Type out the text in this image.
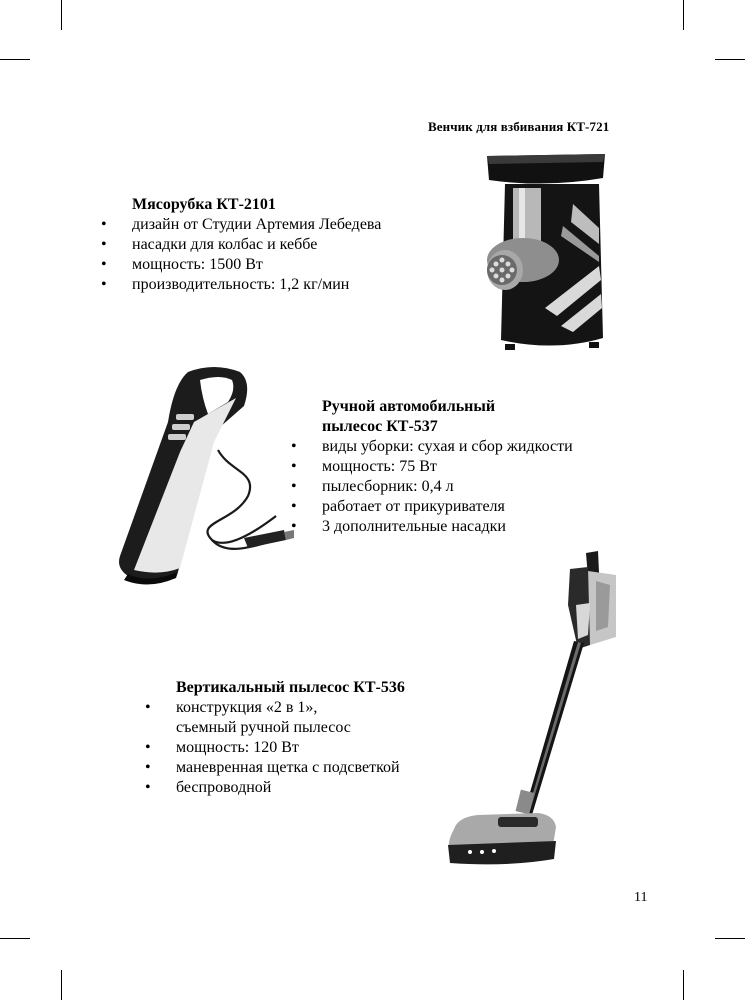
Венчик для взбивания КТ-721
Мясорубка КТ-2101
• дизайн от Студии Артемия Лебедева
• насадки для колбас и кеббе
• мощность: 1500 Вт
• производительность: 1,2 кг/мин
Ручной автомобильный
пылесос КТ-537
• виды уборки: сухая и сбор жидкости
• мощность: 75 Вт
• пылесборник: 0,4 л
• работает от прикуривателя
• 3 дополнительные насадки
Вертикальный пылесос КТ-536
• конструкция «2 в 1»,
съемный ручной пылесос
• мощность: 120 Вт
• маневренная щетка с подсветкой
• беспроводной
11
